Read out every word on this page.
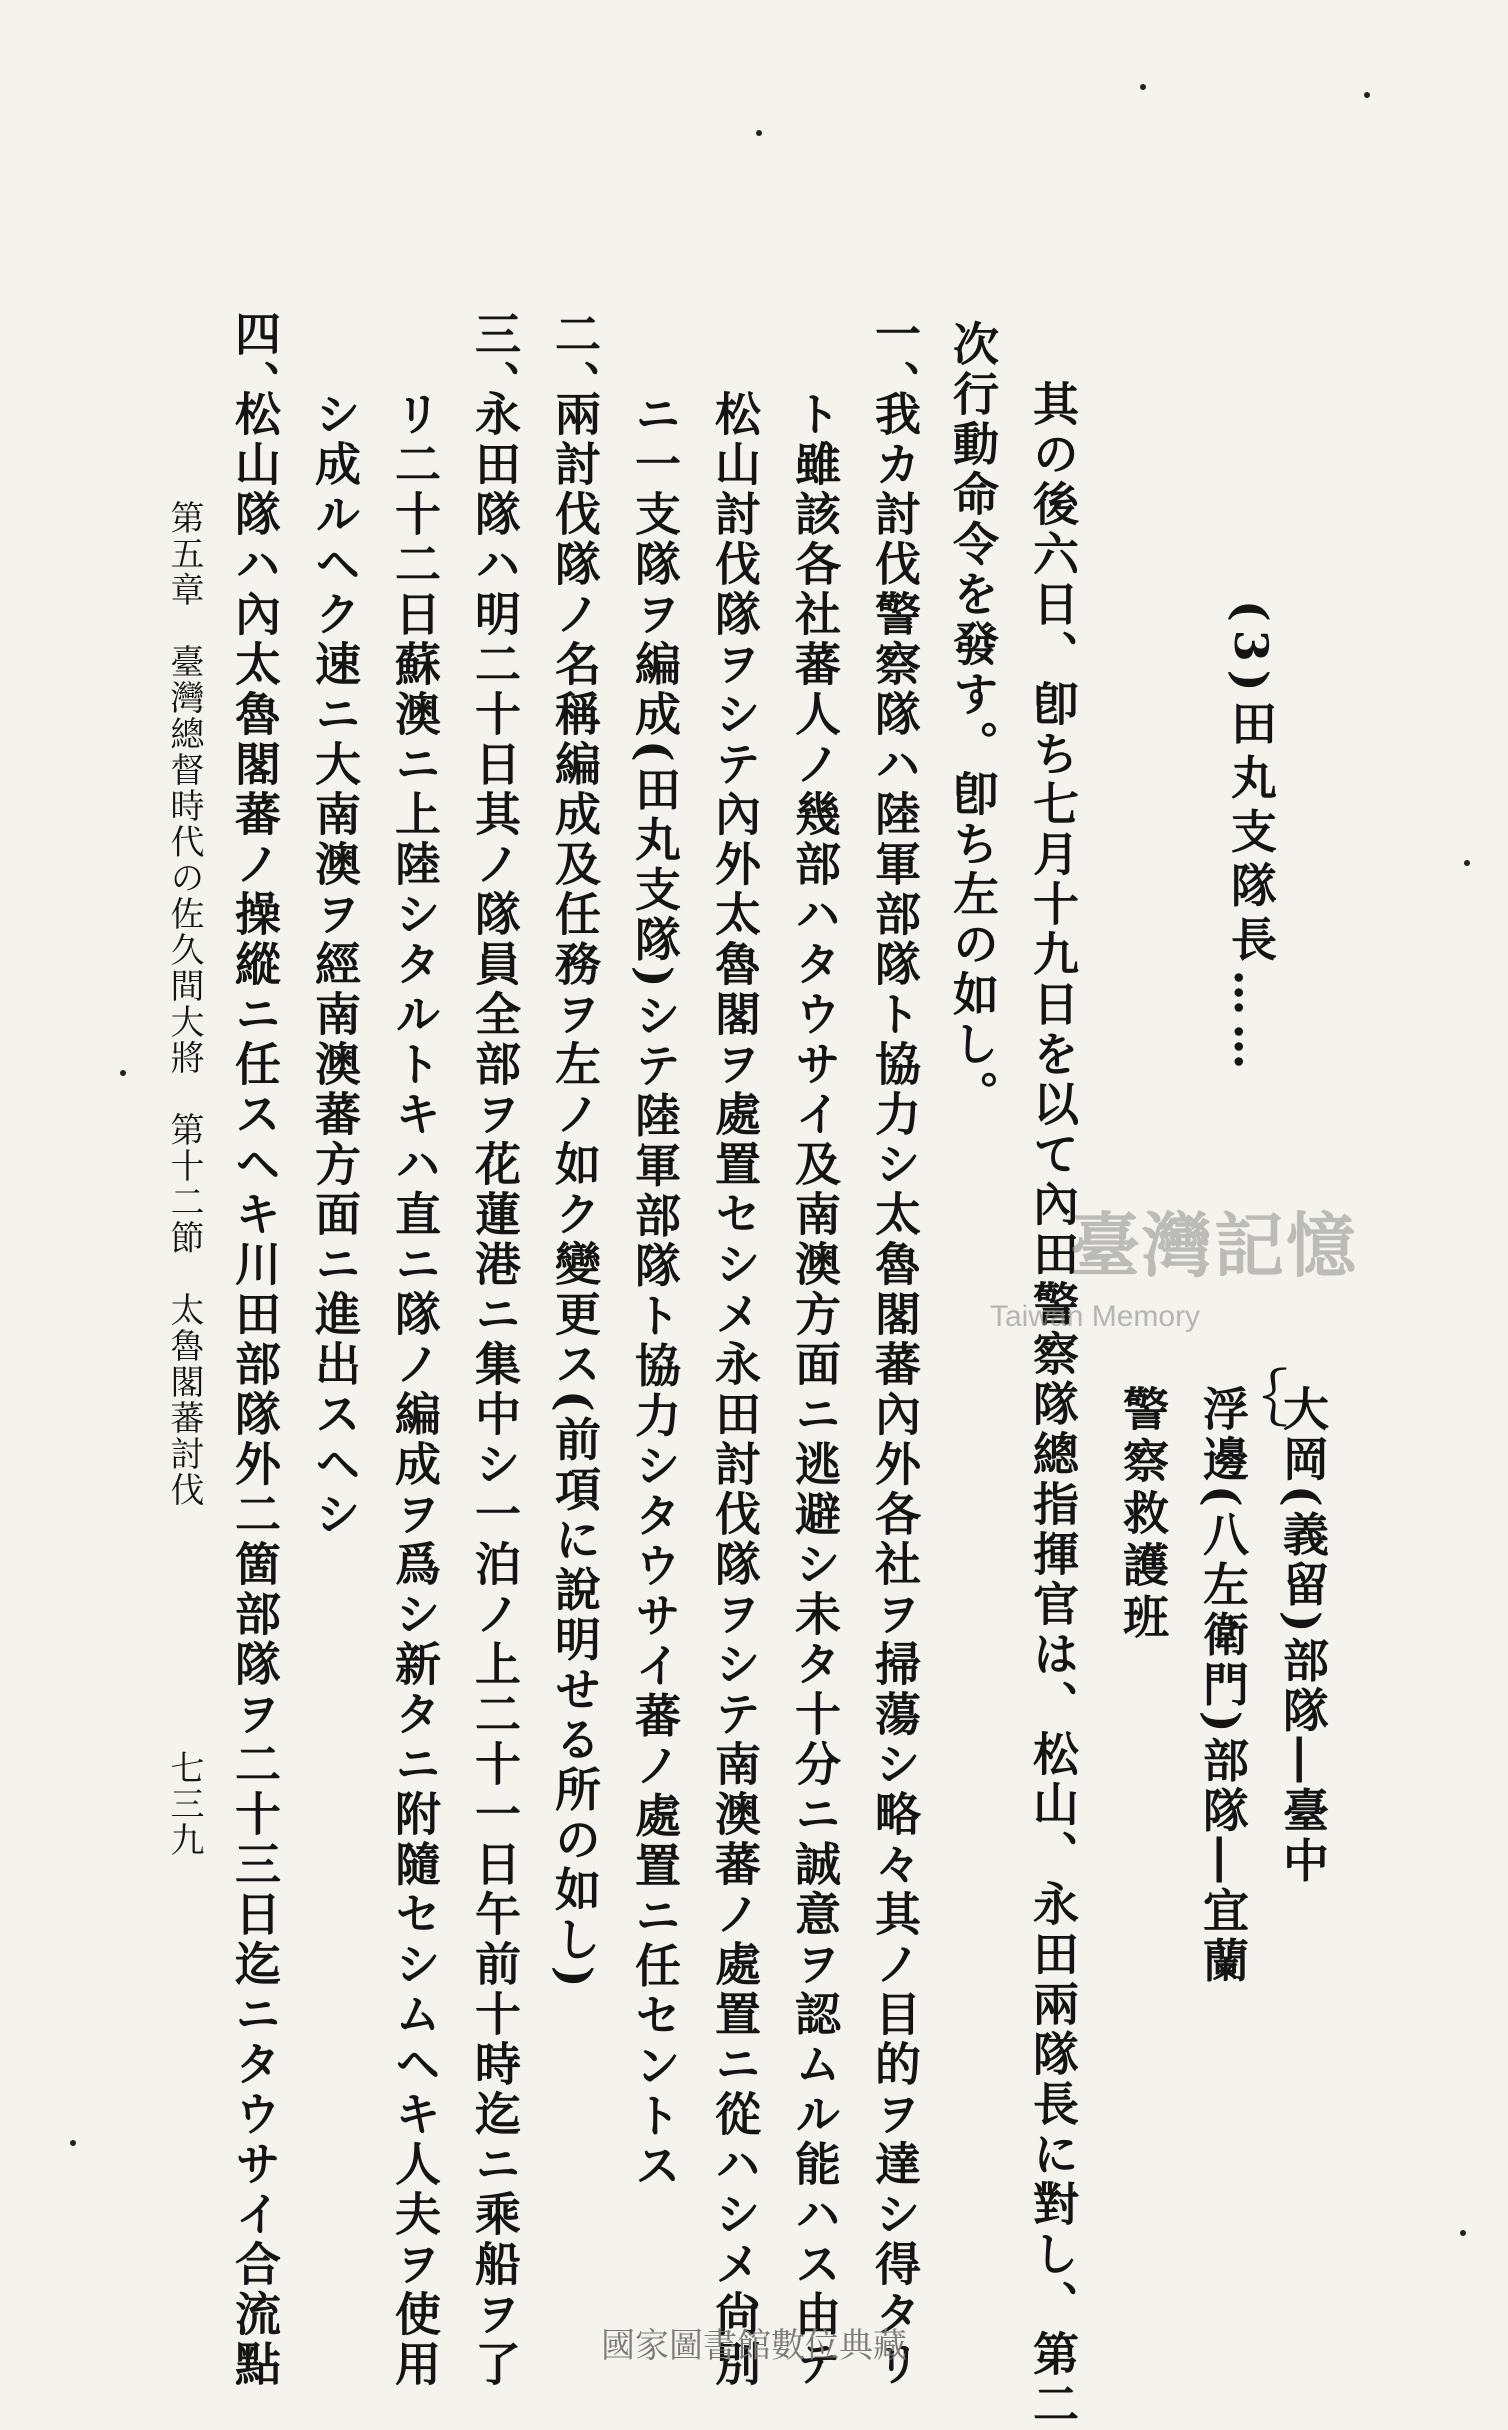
(3)田丸支隊長……
｛
大岡(義留)部隊―臺中
浮邊(八左衛門)部隊―宜蘭
警察救護班
其の後六日、卽ち七月十九日を以て內田警察隊總指揮官は、松山、永田兩隊長に對し、第二
次行動命令を發す。卽ち左の如し。
一、
我カ討伐警察隊ハ陸軍部隊ト協力シ太魯閣蕃內外各社ヲ掃蕩シ略々其ノ目的ヲ達シ得タリ
ト雖該各社蕃人ノ幾部ハタウサイ及南澳方面ニ逃避シ未タ十分ニ誠意ヲ認ムル能ハス由テ
松山討伐隊ヲシテ內外太魯閣ヲ處置セシメ永田討伐隊ヲシテ南澳蕃ノ處置ニ從ハシメ尙別
ニ一支隊ヲ編成(田丸支隊)シテ陸軍部隊ト協力シタウサイ蕃ノ處置ニ任セントス
二、
兩討伐隊ノ名稱編成及任務ヲ左ノ如ク變更ス(前項に說明せる所の如し)
三、
永田隊ハ明二十日其ノ隊員全部ヲ花蓮港ニ集中シ一泊ノ上二十一日午前十時迄ニ乘船ヲ了
リ二十二日蘇澳ニ上陸シタルトキハ直ニ隊ノ編成ヲ爲シ新タニ附隨セシムヘキ人夫ヲ使用
シ成ルヘク速ニ大南澳ヲ經南澳蕃方面ニ進出スヘシ
四、
松山隊ハ內太魯閣蕃ノ操縱ニ任スヘキ川田部隊外二箇部隊ヲ二十三日迄ニタウサイ合流點
第五章　臺灣總督時代の佐久間大將　第十二節　太魯閣蕃討伐
七三九
臺灣記憶
Taiwan Memory
國家圖書館數位典藏
